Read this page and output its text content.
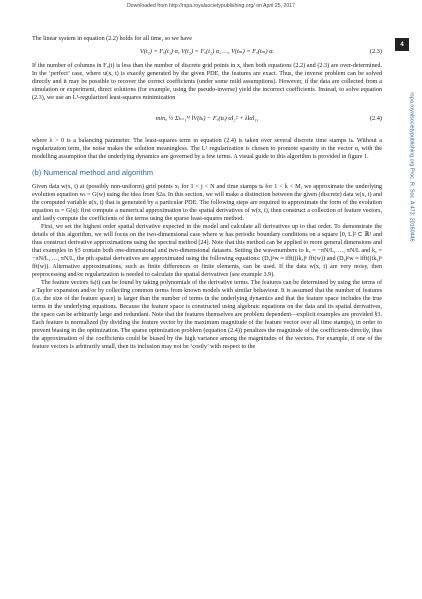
Downloaded from http://rspa.royalsocietypublishing.org/ on April 25, 2017
4
rspa.royalsocietypublishing.org Proc. R. Soc. A 473: 20160446

The linear system in equation (2.2) holds for all time, so we have

V(t₁) = Fᵤ(t₁) α, V(t₂) = Fᵤ(t₂) α, …, V(tₘ) = Fᵤ(tₘ) α.	(2.3)

If the number of columns in Fᵤ(t) is less than the number of discrete grid points in x, then both equations (2.2) and (2.3) are over-determined. In the ‘perfect’ case, where u(x, t) is exactly generated by the given PDE, the features are exact. Thus, the inverse problem can be solved directly and it may be possible to recover the correct coefficients (under some mild assumptions). However, if the data are collected from a simulation or experiment, direct solutions (for example, using the pseudo-inverse) yield the incorrect coefficients. Instead, to solve equation (2.3), we use an L¹-regularized least-squares minimization

minₐ ½ Σₖ₌₁ᴹ ‖V(tₖ) − Fᵤ(tₖ) α‖₂² + λ‖α‖₁,	(2.4)

where λ > 0 is a balancing parameter. The least-squares term in equation (2.4) is taken over several discrete time stamps tₖ. Without a regularization term, the noise makes the solution meaningless. The L¹ regularization is chosen to promote sparsity in the vector α, with the modelling assumption that the underlying dynamics are governed by a few terms. A visual guide to this algorithm is provided in figure 1.

(b) Numerical method and algorithm

Given data w(x, t) at (possibly non-uniform) grid points xⱼ for 1 < j < N and time stamps tₖ for 1 < k < M, we approximate the underlying evolution equation wₜ = G(w) using the idea from §2a. In this section, we will make a distinction between the given (discrete) data w(x, t) and the computed variable u(x, t) that is generated by a particular PDE. The following steps are required to approximate the form of the evolution equation uₜ = G(u): first compute a numerical approximation to the spatial derivatives of w(x, t), then construct a collection of feature vectors, and lastly compute the coefficients of the terms using the sparse least-squares method.

First, we set the highest order spatial derivative expected in the model and calculate all derivatives up to that order. To demonstrate the details of this algorithm, we will focus on the two-dimensional case where w has periodic boundary conditions on a square [0, L]² ⊂ ℝ² and thus construct derivative approximations using the spectral method [24]. Note that this method can be applied to more general dimensions and that examples in §3 contain both one-dimensional and two-dimensional datasets. Setting the wavenumbers to kₓ = −πN/L, …, πN/L and kᵧ = −πN/L, …, πN/L, the pth spatial derivatives are approximated using the following equations: (Dₓ)ᵖw ≈ ifft((ikₓ)ᵖ fft(w)) and (Dᵧ)ᵖw ≈ ifft((ikᵧ)ᵖ fft(w)). Alternative approximations, such as finite differences or finite elements, can be used. If the data w(x, t) are very noisy, then preprocessing and/or regularization is needed to calculate the spatial derivatives (see example 3.9).

The feature vectors fₖ(t) can be found by taking polynomials of the derivative terms. The features can be determined by using the terms of a Taylor expansion and/or by collecting common terms from known models with similar behaviour. It is assumed that the number of features (i.e. the size of the feature space) is larger than the number of terms in the underlying dynamics and that the feature space includes the true terms in the underlying equations. Because the feature space is constructed using algebraic equations on the data and its spatial derivatives, the space can be arbitrarily large and redundant. Note that the features themselves are problem dependent—explicit examples are provided §3. Each feature is normalized (by dividing the feature vector by the maximum magnitude of the feature vector over all time stamps), in order to prevent biasing in the optimization. The sparse optimization problem (equation (2.4)) penalizes the magnitude of the coefficients directly, thus the approximation of the coefficients could be biased by the high variance among the magnitudes of the vectors. For example, if one of the feature vectors is arbitrarily small, then its inclusion may not be ‘costly’ with respect to the
